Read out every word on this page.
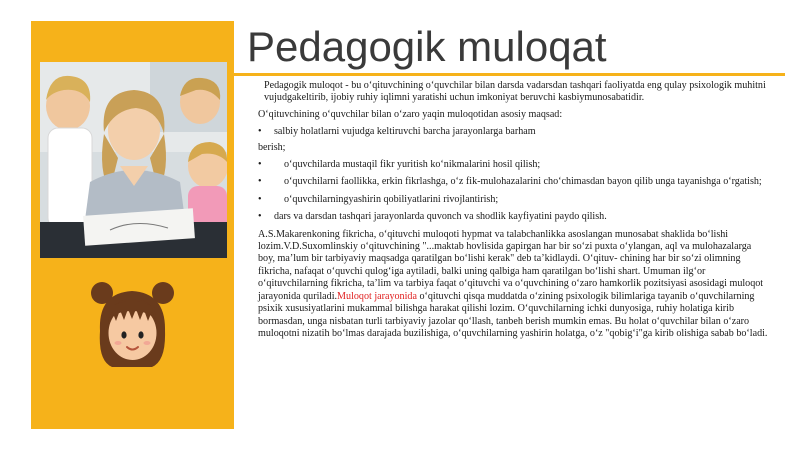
Pedagogik muloqat

Pedagogik muloqot - bu o‘qituvchining o‘quvchilar bilan darsda vadarsdan tashqari faoliyatda eng qulay psixologik muhitni vujudgakeltirib, ijobiy ruhiy iqlimni yaratishi uchun imkoniyat beruvchi kasbiymunosabatidir.

O‘qituvchining o‘quvchilar bilan o‘zaro yaqin muloqotidan asosiy maqsad:

•	salbiy holatlarni vujudga keltiruvchi barcha jarayonlarga barham

berish;

•	o‘quvchilarda mustaqil fikr yuritish ko‘nikmalarini hosil qilish;

• o‘quvchilarni faollikka, erkin fikrlashga, o‘z fik-mulohazalarini cho‘chimasdan bayon qilib unga tayanishga o‘rgatish;

•	o‘quvchilarningyashirin qobiliyatlarini rivojlantirish;

•	dars va darsdan tashqari jarayonlarda quvonch va shodlik kayfiyatini paydo qilish.

A.S.Makarenkoning fikricha, o‘qituvchi muloqoti hypmat va talabchanlikka asoslangan munosabat shaklida bo‘lishi lozim.V.D.Suxomlinskiy o‘qituvchining "...maktab hovlisida gapirgan har bir so‘zi puxta o‘ylangan, aql va mulohazalarga boy, ma’lum bir tarbiyaviy maqsadga qaratilgan bo‘lishi kerak" deb ta’kidlaydi. O‘qituv- chining har bir so‘zi olimning fikricha, nafaqat o‘quvchi qulog‘iga aytiladi, balki uning qalbiga ham qaratilgan bo‘lishi shart. Umuman ilg‘or o‘qituvchilarning fikricha, ta’lim va tarbiya faqat o‘qituvchi va o‘quvchining o‘zaro hamkorlik pozitsiyasi asosidagi muloqot jarayonida quriladi.Muloqot jarayonida o‘qituvchi qisqa muddatda o‘zining psixologik bilimlariga tayanib o‘quvchilarning psixik xususiyatlarini mukammal bilishga harakat qilishi lozim. O‘quvchilarning ichki dunyosiga, ruhiy holatiga kirib bormasdan, unga nisbatan turli tarbiyaviy jazolar qo‘llash, tanbeh berish mumkin emas. Bu holat o‘quvchilar bilan o‘zaro muloqotni nizatih bo‘lmas darajada buzilishiga, o‘quvchilarning yashirin holatga, o‘z "qobig‘i"ga kirib olishiga sabab bo‘ladi.
